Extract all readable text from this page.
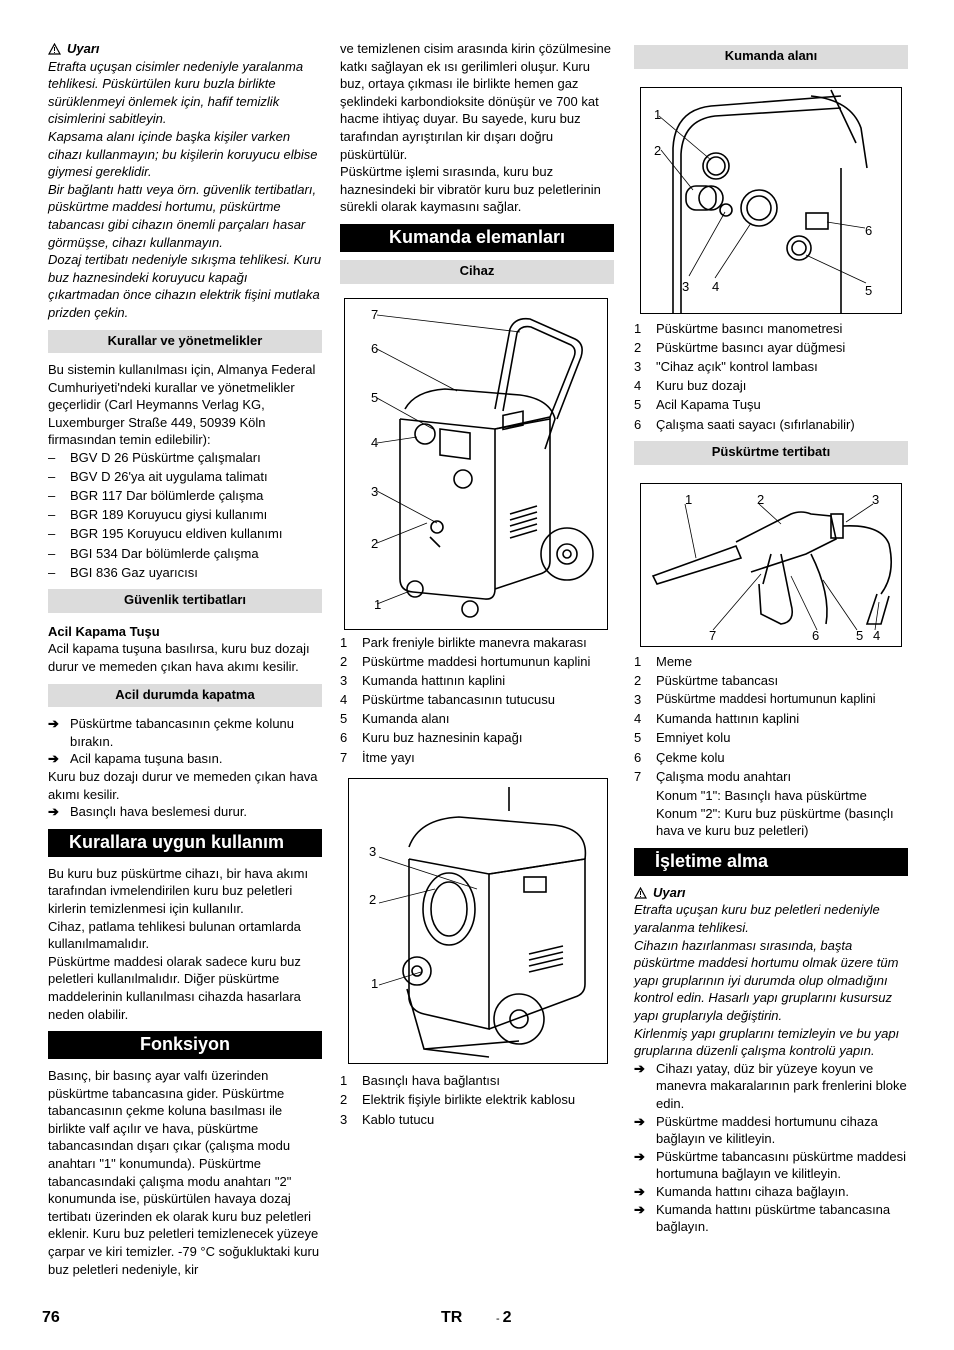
Uyarı

Etrafta uçuşan cisimler nedeniyle yaralanma tehlikesi. Püskürtülen kuru buzla birlikte sürüklenmeyi önlemek için, hafif temizlik cisimlerini sabitleyin.

Kapsama alanı içinde başka kişiler varken cihazı kullanmayın; bu kişilerin koruyucu elbise giymesi gereklidir.

Bir bağlantı hattı veya örn. güvenlik tertibatları, püskürtme maddesi hortumu, püskürtme tabancası gibi cihazın önemli parçaları hasar görmüşse, cihazı kullanmayın.

Dozaj tertibatı nedeniyle sıkışma tehlikesi. Kuru buz haznesindeki koruyucu kapağı çıkartmadan önce cihazın elektrik fişini mutlaka prizden çekin.

Kurallar ve yönetmelikler

Bu sistemin kullanılması için, Almanya Federal Cumhuriyeti'ndeki kurallar ve yönetmelikler geçerlidir (Carl Heymanns Verlag KG, Luxemburger Straße 449, 50939 Köln firmasından temin edilebilir):

– BGV D 26 Püskürtme çalışmaları
– BGV D 26'ya ait uygulama talimatı
– BGR 117 Dar bölümlerde çalışma
– BGR 189 Koruyucu giysi kullanımı
– BGR 195 Koruyucu eldiven kullanımı
– BGI 534 Dar bölümlerde çalışma
– BGI 836 Gaz uyarıcısı
Güvenlik tertibatları

Acil Kapama Tuşu

Acil kapama tuşuna basılırsa, kuru buz dozajı durur ve memeden çıkan hava akımı kesilir.

Acil durumda kapatma
➔ Püskürtme tabancasının çekme kolunu bırakın.
➔ Acil kapama tuşuna basın.

Kuru buz dozajı durur ve memeden çıkan hava akımı kesilir.

➔ Basınçlı hava beslemesi durur.
Kurallara uygun kullanım

Bu kuru buz püskürtme cihazı, bir hava akımı tarafından ivmelendirilen kuru buz peletleri kirlerin temizlenmesi için kullanılır.

Cihaz, patlama tehlikesi bulunan ortamlarda kullanılmamalıdır.

Püskürtme maddesi olarak sadece kuru buz peletleri kullanılmalıdır. Diğer püskürtme maddelerinin kullanılması cihazda hasarlara neden olabilir.

Fonksiyon

Basınç, bir basınç ayar valfı üzerinden püskürtme tabancasına gider. Püskürtme tabancasının çekme koluna basılması ile birlikte valf açılır ve hava, püskürtme tabancasından dışarı çıkar (çalışma modu anahtarı "1" konumunda). Püskürtme tabancasındaki çalışma modu anahtarı "2" konumunda ise, püskürtülen havaya dozaj tertibatı üzerinden ek olarak kuru buz peletleri eklenir. Kuru buz peletleri temizlenecek yüzeye çarpar ve kiri temizler. -79 °C soğukluktaki kuru buz peletleri nedeniyle, kir

ve temizlenen cisim arasında kirin çözülmesine katkı sağlayan ek ısı gerilimleri oluşur. Kuru buz, ortaya çıkması ile birlikte hemen gaz şeklindeki karbondioksite dönüşür ve 700 kat hacme ihtiyaç duyar. Bu sayede, kuru buz tarafından ayrıştırılan kir dışarı doğru püskürtülür.

Püskürtme işlemi sırasında, kuru buz haznesindeki bir vibratör kuru buz peletlerinin sürekli olarak kaymasını sağlar.

Kumanda elemanları
Cihaz
7
6
5
4
3
2
1
1	Park freniyle birlikte manevra makarası
2	Püskürtme maddesi hortumunun kaplini
3	Kumanda hattının kaplini
4	Püskürtme tabancasının tutucusu
5	Kumanda alanı
6	Kuru buz haznesinin kapağı
7	İtme yayı
3
2
1
1	Basınçlı hava bağlantısı
2	Elektrik fişiyle birlikte elektrik kablosu
3	Kablo tutucu
Kumanda alanı
1
2
3 4	5
6
1	Püskürtme basıncı manometresi
2	Püskürtme basıncı ayar düğmesi
3	"Cihaz açık" kontrol lambası
4	Kuru buz dozajı
5	Acil Kapama Tuşu
6	Çalışma saati sayacı (sıfırlanabilir)
Püskürtme tertibatı
1	2	3
7	6	5 4
1	Meme
2	Püskürtme tabancası
3	Püskürtme maddesi hortumunun kaplini
4	Kumanda hattının kaplini
5	Emniyet kolu
6	Çekme kolu
7	Çalışma modu anahtarı

Konum "1": Basınçlı hava püskürtme

Konum "2": Kuru buz püskürtme (basınçlı hava ve kuru buz peletleri)

İşletime alma
Uyarı

Etrafta uçuşan kuru buz peletleri nedeniyle yaralanma tehlikesi.

Cihazın hazırlanması sırasında, başta püskürtme maddesi hortumu olmak üzere tüm yapı gruplarının iyi durumda olup olmadığını kontrol edin. Hasarlı yapı gruplarını kusursuz yapı gruplarıyla değiştirin.

Kirlenmiş yapı gruplarını temizleyin ve bu yapı gruplarına düzenli çalışma kontrolü yapın.

➔ Cihazı yatay, düz bir yüzeye koyun ve manevra makaralarının park frenlerini bloke edin.
➔ Püskürtme maddesi hortumunu cihaza bağlayın ve kilitleyin.
➔ Püskürtme tabancasını püskürtme maddesi hortumuna bağlayın ve kilitleyin.
➔ Kumanda hattını cihaza bağlayın.
➔ Kumanda hattını püskürtme tabancasına bağlayın.
76	TR	- 2
